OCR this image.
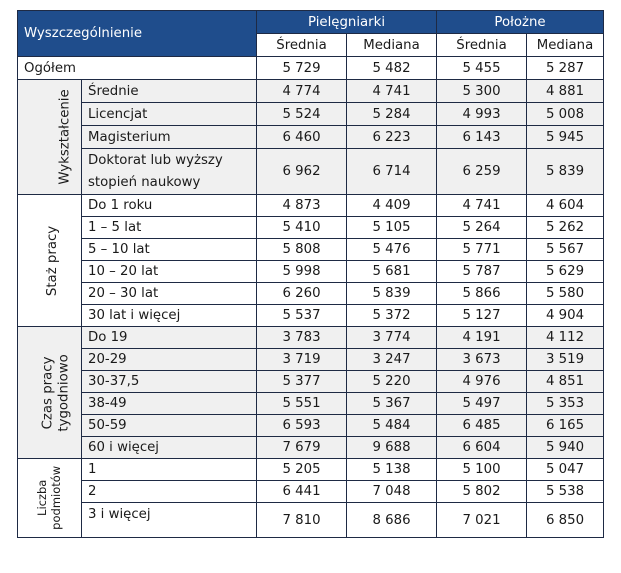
Wyszczególnienie		Pielęgniarki		Położne	
		Średnia	Mediana	Średnia	Mediana
Ogółem		5 729	5 482	5 455	5 287
Wykształcenie	Średnie	4 774	4 741	5 300	4 881
	Licencjat	5 524	5 284	4 993	5 008
	Magisterium	6 460	6 223	6 143	5 945
	Doktorat lub wyższy stopień naukowy	6 962	6 714	6 259	5 839
Staż pracy	Do 1 roku	4 873	4 409	4 741	4 604
	1 – 5 lat	5 410	5 105	5 264	5 262
	5 – 10 lat	5 808	5 476	5 771	5 567
	10 – 20 lat	5 998	5 681	5 787	5 629
	20 – 30 lat	6 260	5 839	5 866	5 580
	30 lat i więcej	5 537	5 372	5 127	4 904

Czas pracy tygodniowo	Do 19	3 783	3 774	4 191	4 112
	20-29	3 719	3 247	3 673	3 519
	30-37,5	5 377	5 220	4 976	4 851
	38-49	5 551	5 367	5 497	5 353
	50-59	6 593	5 484	6 485	6 165
	60 i więcej	7 679	9 688	6 604	5 940

Liczba podmiotów	1	5 205	5 138	5 100	5 047
	2	6 441	7 048	5 802	5 538
	3 i więcej	7 810	8 686	7 021	6 850
